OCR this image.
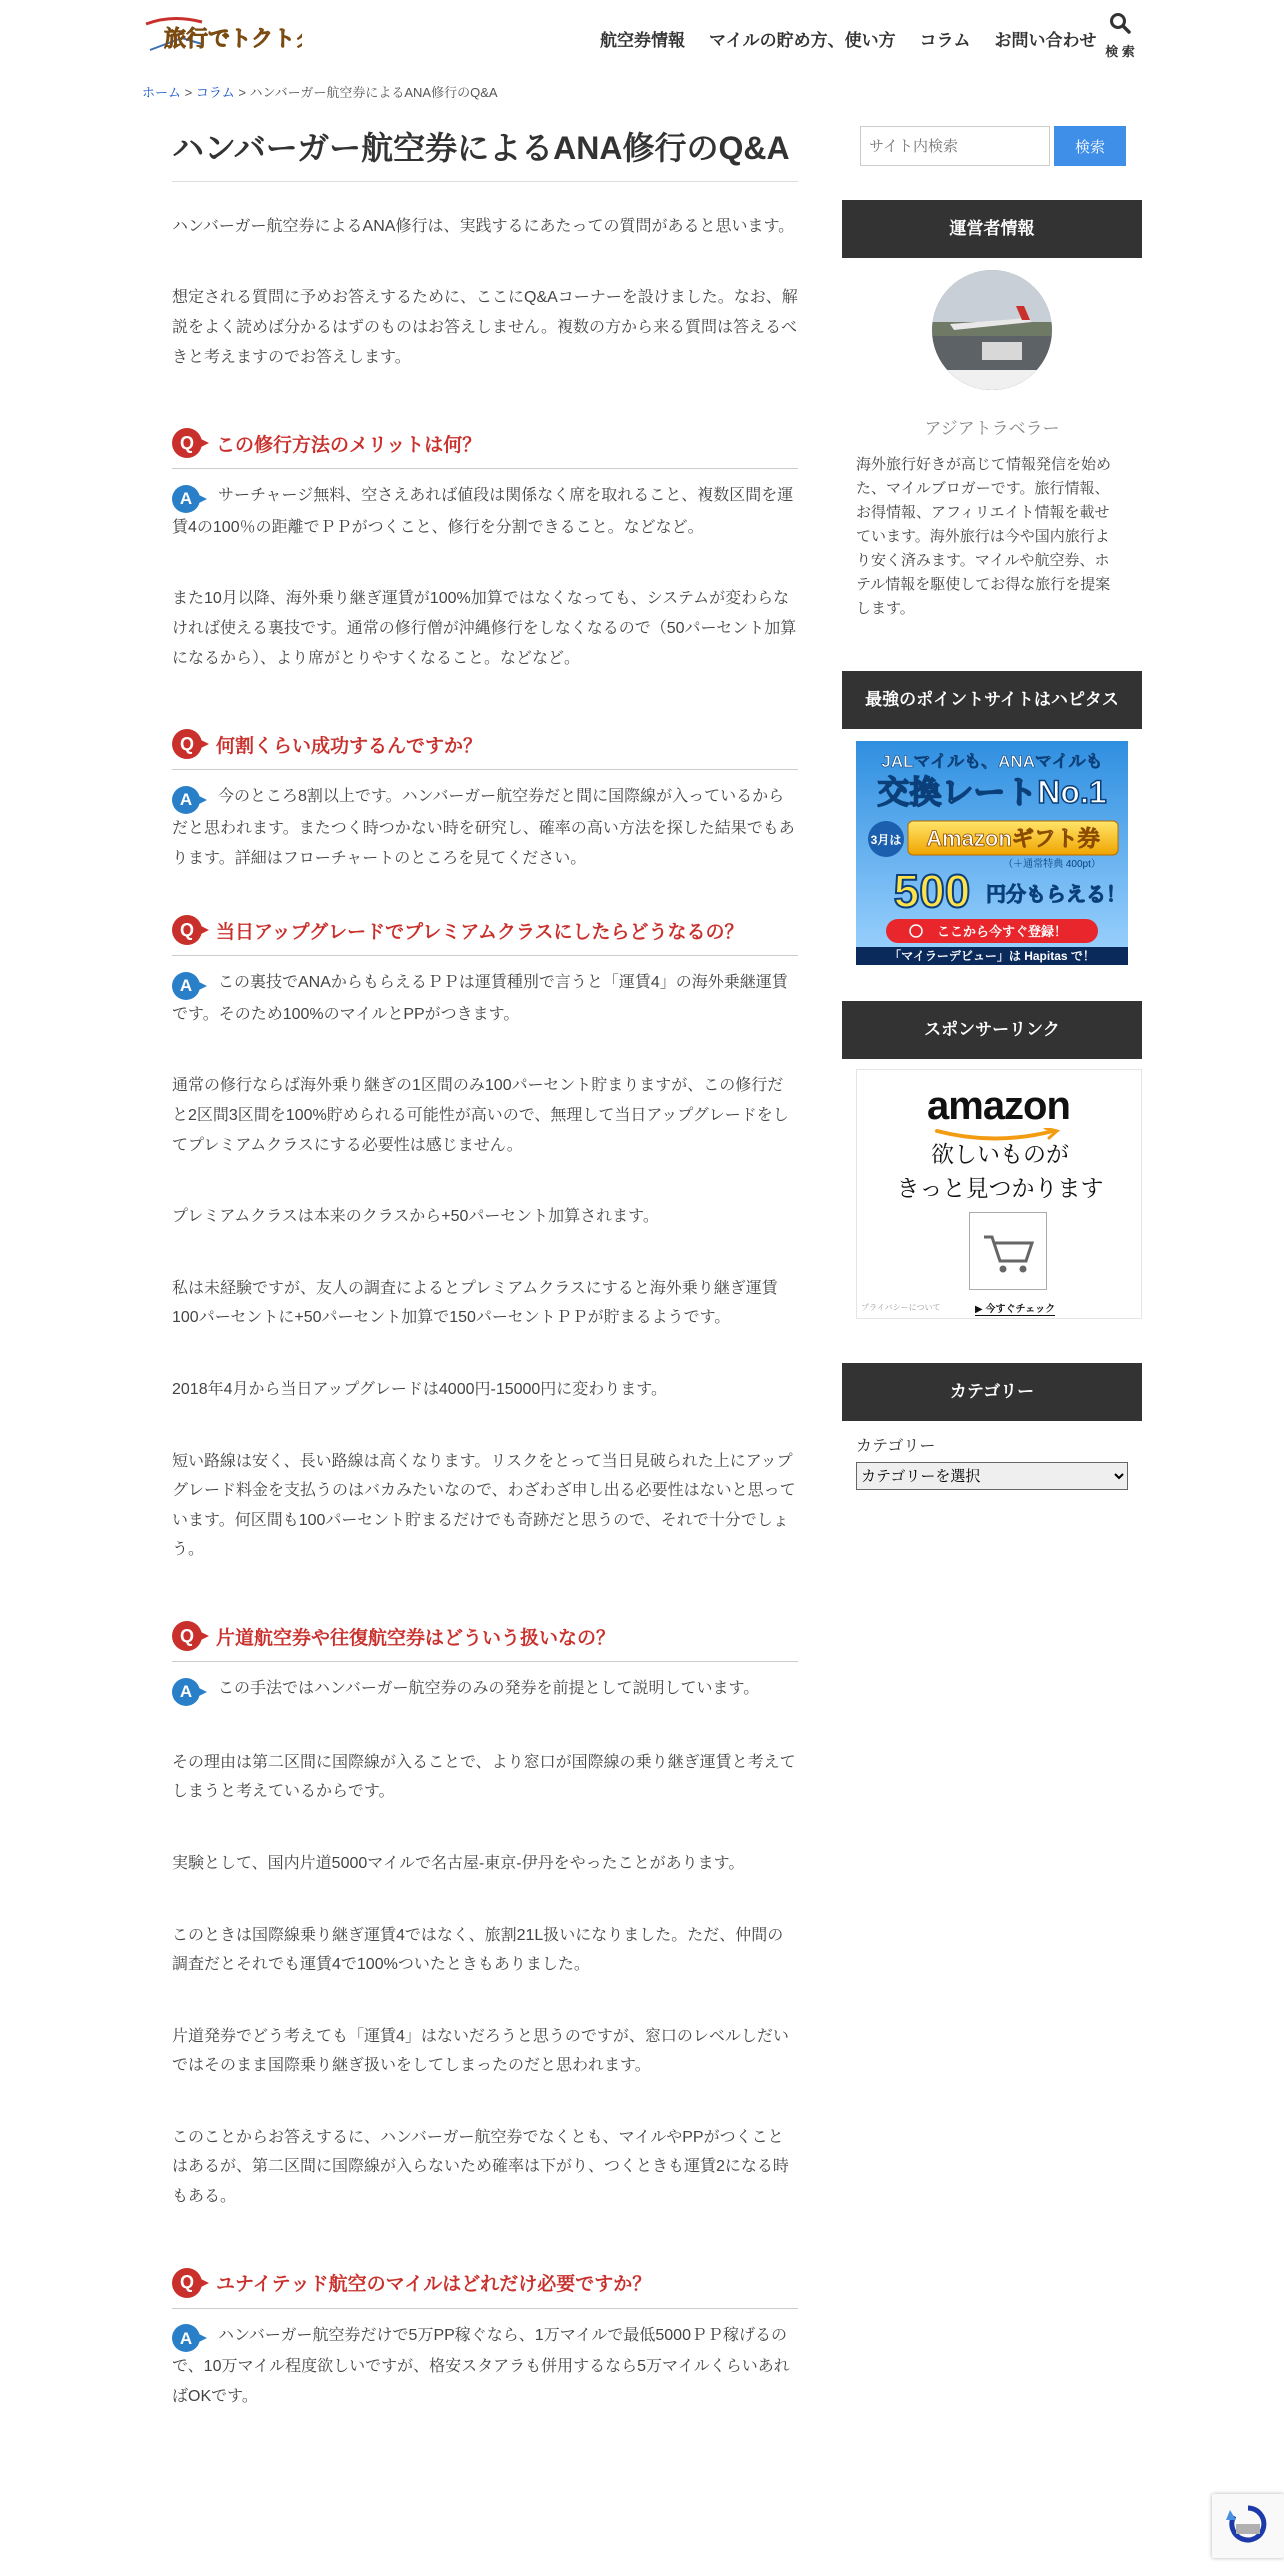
旅行でトクトク	航空券情報 マイルの貯め方、使い方 コラム お問い合わせ
検 索
ホーム > コラム > ハンバーガー航空券によるANA修行のQ&A
ハンバーガー航空券によるANA修行のQ&A

ハンバーガー航空券によるANA修行は、実践するにあたっての質問があると思います。

想定される質問に予めお答えするために、ここにQ&Aコーナーを設けました。なお、解説をよく読めば分かるはずのものはお答えしません。複数の方から来る質問は答えるべきと考えますのでお答えします。

Q	この修行方法のメリットは何？

A サーチャージ無料、空さえあれば値段は関係なく席を取れること、複数区間を運賃4の100％の距離でＰＰがつくこと、修行を分割できること。などなど。

また10月以降、海外乗り継ぎ運賃が100%加算ではなくなっても、システムが変わらなければ使える裏技です。通常の修行僧が沖縄修行をしなくなるので（50パーセント加算になるから）、より席がとりやすくなること。などなど。

Q	何割くらい成功するんですか？

A 今のところ8割以上です。ハンバーガー航空券だと間に国際線が入っているからだと思われます。またつく時つかない時を研究し、確率の高い方法を探した結果でもあります。詳細はフローチャートのところを見てください。

Q	当日アップグレードでプレミアムクラスにしたらどうなるの？

A この裏技でANAからもらえるＰＰは運賃種別で言うと「運賃4」の海外乗継運賃です。そのため100%のマイルとPPがつきます。

通常の修行ならば海外乗り継ぎの1区間のみ100パーセント貯まりますが、この修行だと2区間3区間を100%貯められる可能性が高いので、無理して当日アップグレードをしてプレミアムクラスにする必要性は感じません。

プレミアムクラスは本来のクラスから+50パーセント加算されます。

私は未経験ですが、友人の調査によるとプレミアムクラスにすると海外乗り継ぎ運賃100パーセントに+50パーセント加算で150パーセントＰＰが貯まるようです。

2018年4月から当日アップグレードは4000円-15000円に変わります。

短い路線は安く、長い路線は高くなります。リスクをとって当日見破られた上にアップグレード料金を支払うのはバカみたいなので、わざわざ申し出る必要性はないと思っています。何区間も100パーセント貯まるだけでも奇跡だと思うので、それで十分でしょう。

Q	片道航空券や往復航空券はどういう扱いなの？

A この手法ではハンバーガー航空券のみの発券を前提として説明しています。

その理由は第二区間に国際線が入ることで、より窓口が国際線の乗り継ぎ運賃と考えてしまうと考えているからです。

実験として、国内片道5000マイルで名古屋-東京-伊丹をやったことがあります。

このときは国際線乗り継ぎ運賃4ではなく、旅割21L扱いになりました。ただ、仲間の調査だとそれでも運賃4で100%ついたときもありました。

片道発券でどう考えても「運賃4」はないだろうと思うのですが、窓口のレベルしだいではそのまま国際乗り継ぎ扱いをしてしまったのだと思われます。

このことからお答えするに、ハンバーガー航空券でなくとも、マイルやPPがつくことはあるが、第二区間に国際線が入らないため確率は下がり、つくときも運賃2になる時もある。

Q	ユナイテッド航空のマイルはどれだけ必要ですか？

A ハンバーガー航空券だけで5万PP稼ぐなら、1万マイルで最低5000ＰＰ稼げるので、10万マイル程度欲しいですが、格安スタアラも併用するなら5万マイルくらいあればOKです。

サイト内検索
検索
運営者情報
アジアトラベラー

海外旅行好きが高じて情報発信を始めた、マイルブロガーです。旅行情報、お得情報、アフィリエイト情報を載せています。海外旅行は今や国内旅行より安く済みます。マイルや航空券、ホテル情報を駆使してお得な旅行を提案します。

最強のポイントサイトはハピタス
JALマイルも、ANAマイルも
交換レートNo.1
3月は Amazonギフト券
（＋通常特典 400pt）
500 円分もらえる！
ここから今すぐ登録！
「マイラーデビュー」は Hapitas で！
スポンサーリンク
amazon
欲しいものが
きっと見つかります
プライバシーについて	▶ 今すぐチェック
カテゴリー
カテゴリー
カテゴリーを選択
